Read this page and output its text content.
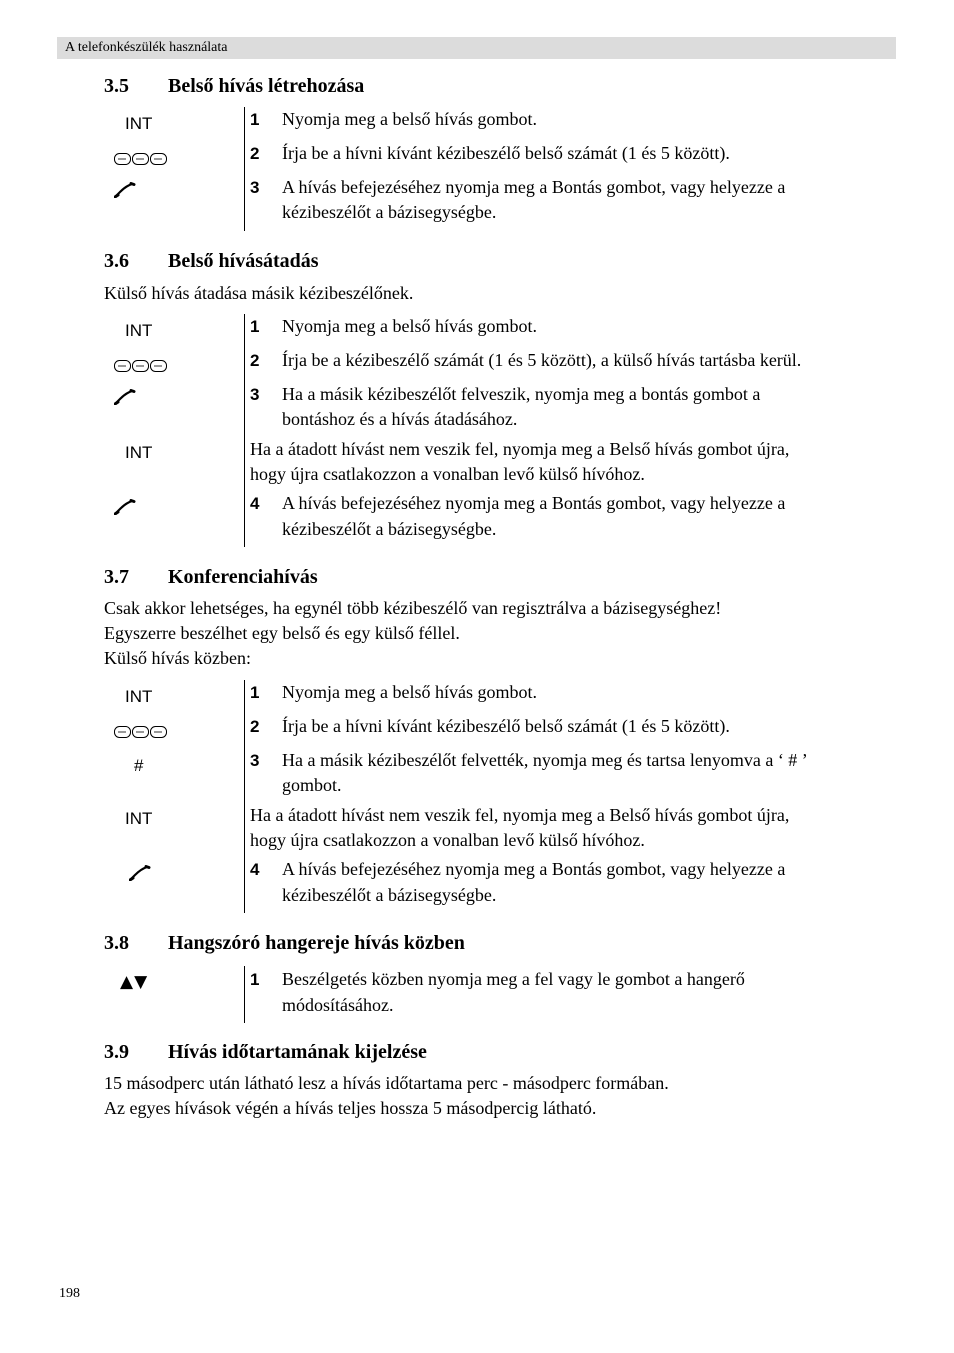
A telefonkészülék használata
198
3.5 Belső hívás létrehozása
INT	1 Nyomja meg a belső hívás gombot.
2 Írja be a hívni kívánt kézibeszélő belső számát (1 és 5 között).
3 A hívás befejezéséhez nyomja meg a Bontás gombot, vagy helyezze a
kézibeszélőt a bázisegységbe.
3.6 Belső hívásátadás
Külső hívás átadása másik kézibeszélőnek.
INT
INT
1 Nyomja meg a belső hívás gombot.
2 Írja be a kézibeszélő számát (1 és 5 között), a külső hívás tartásba kerül.
3 Ha a másik kézibeszélőt felveszik, nyomja meg a bontás gombot a
bontáshoz és a hívás átadásához.
Ha a átadott hívást nem veszik fel, nyomja meg a Belső hívás gombot újra,
hogy újra csatlakozzon a vonalban levő külső hívóhoz.
4 A hívás befejezéséhez nyomja meg a Bontás gombot, vagy helyezze a
kézibeszélőt a bázisegységbe.
3.7 Konferenciahívás
Csak akkor lehetséges, ha egynél több kézibeszélő van regisztrálva a bázisegységhez!
Egyszerre beszélhet egy belső és egy külső féllel.
Külső hívás közben:
INT
#
INT
1 Nyomja meg a belső hívás gombot.
2 Írja be a hívni kívánt kézibeszélő belső számát (1 és 5 között).
3 Ha a másik kézibeszélőt felvették, nyomja meg és tartsa lenyomva a ‘ # ’
gombot.
Ha a átadott hívást nem veszik fel, nyomja meg a Belső hívás gombot újra,
hogy újra csatlakozzon a vonalban levő külső hívóhoz.
4 A hívás befejezéséhez nyomja meg a Bontás gombot, vagy helyezze a
kézibeszélőt a bázisegységbe.
3.8 Hangszóró hangereje hívás közben
▲▼	1 Beszélgetés közben nyomja meg a fel vagy le gombot a hangerő
módosításához.
3.9 Hívás időtartamának kijelzése
15 másodperc után látható lesz a hívás időtartama perc - másodperc formában.
Az egyes hívások végén a hívás teljes hossza 5 másodpercig látható.
